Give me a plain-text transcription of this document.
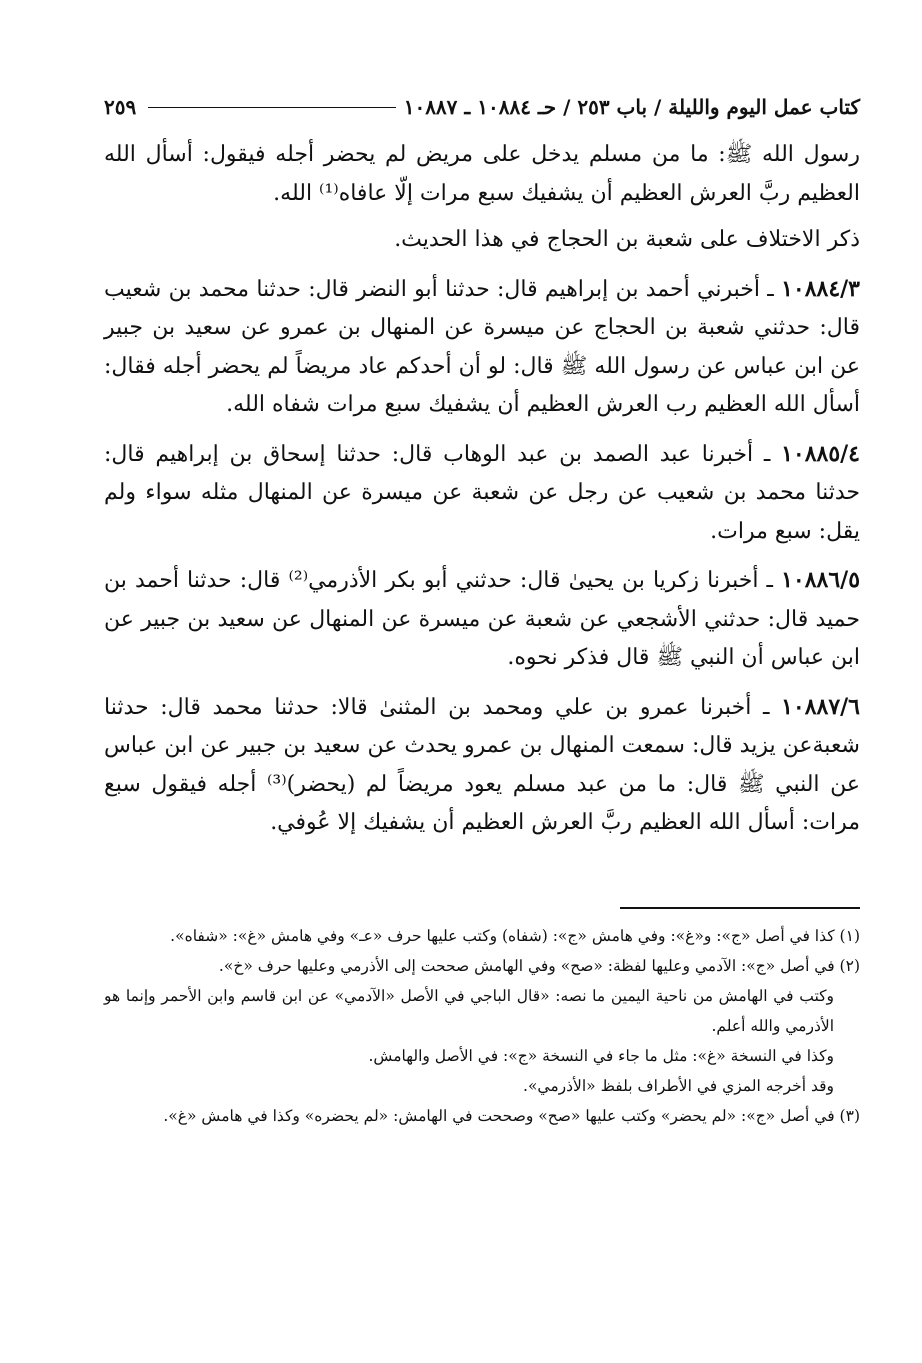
كتاب عمل اليوم والليلة / باب ٢٥٣ / حـ ١٠٨٨٤ ـ ١٠٨٨٧
٢٥٩

رسول الله ﷺ: ما من مسلم يدخل على مريض لم يحضر أجله فيقول: أسأل الله العظيم ربَّ العرش العظيم أن يشفيك سبع مرات إلّا عافاه⁽¹⁾ الله.

ذكر الاختلاف على شعبة بن الحجاج في هذا الحديث.

١٠٨٨٤/٣ ـ أخبرني أحمد بن إبراهيم قال: حدثنا أبو النضر قال: حدثنا محمد بن شعيب قال: حدثني شعبة بن الحجاج عن ميسرة عن المنهال بن عمرو عن سعيد بن جبير عن ابن عباس عن رسول الله ﷺ قال: لو أن أحدكم عاد مريضاً لم يحضر أجله فقال: أسأل الله العظيم رب العرش العظيم أن يشفيك سبع مرات شفاه الله.

١٠٨٨٥/٤ ـ أخبرنا عبد الصمد بن عبد الوهاب قال: حدثنا إسحاق بن إبراهيم قال: حدثنا محمد بن شعيب عن رجل عن شعبة عن ميسرة عن المنهال مثله سواء ولم يقل: سبع مرات.

١٠٨٨٦/٥ ـ أخبرنا زكريا بن يحيىٰ قال: حدثني أبو بكر الأذرمي⁽²⁾ قال: حدثنا أحمد بن حميد قال: حدثني الأشجعي عن شعبة عن ميسرة عن المنهال عن سعيد بن جبير عن ابن عباس أن النبي ﷺ قال فذكر نحوه.

١٠٨٨٧/٦ ـ أخبرنا عمرو بن علي ومحمد بن المثنىٰ قالا: حدثنا محمد قال: حدثنا شعبةعن يزيد قال: سمعت المنهال بن عمرو يحدث عن سعيد بن جبير عن ابن عباس عن النبي ﷺ قال: ما من عبد مسلم يعود مريضاً لم (يحضر)⁽³⁾ أجله فيقول سبع مرات: أسأل الله العظيم ربَّ العرش العظيم أن يشفيك إلا عُوفي.

(١) كذا في أصل «ج»: و«غ»: وفي هامش «ج»: (شفاه) وكتب عليها حرف «عـ» وفي هامش «غ»: «شفاه».

(٢) في أصل «ج»: الآدمي وعليها لفظة: «صح» وفي الهامش صححت إلى الأذرمي وعليها حرف «خ».

وكتب في الهامش من ناحية اليمين ما نصه: «قال الباجي في الأصل «الآدمي» عن ابن قاسم وابن الأحمر وإنما هو الأذرمي والله أعلم.

وكذا في النسخة «غ»: مثل ما جاء في النسخة «ج»: في الأصل والهامش.

وقد أخرجه المزي في الأطراف بلفظ «الأذرمي».

(٣) في أصل «ج»: «لم يحضر» وكتب عليها «صح» وصححت في الهامش: «لم يحضره» وكذا في هامش «غ».
